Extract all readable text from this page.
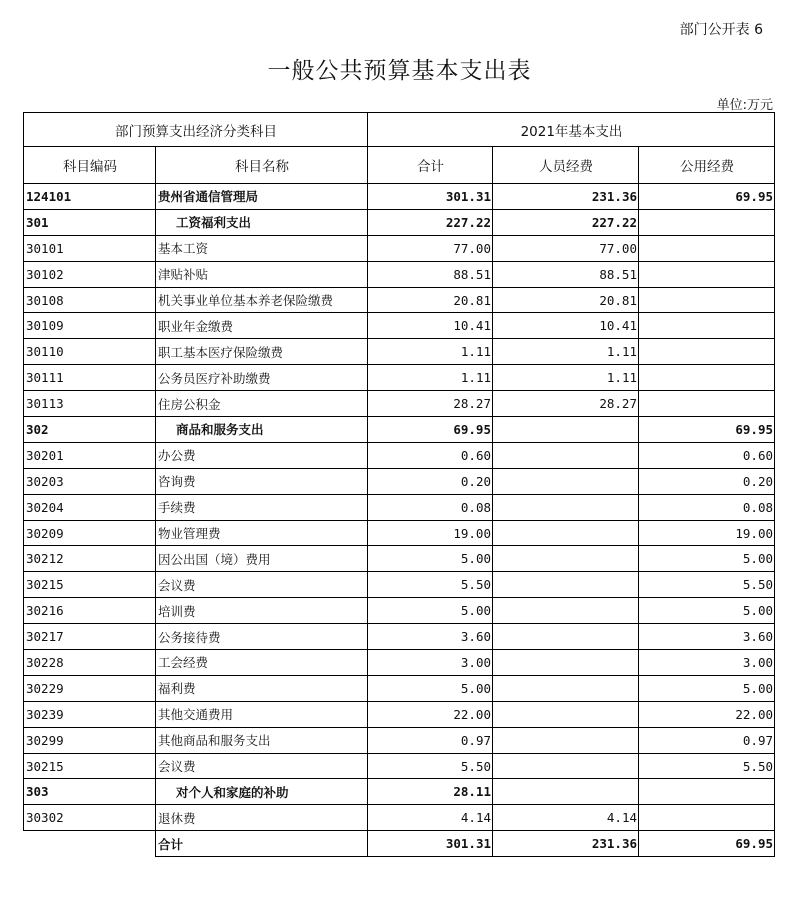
部门公开表 6
一般公共预算基本支出表
单位:万元
部门预算支出经济分类科目		2021年基本支出		
科目编码	科目名称	合计	人员经费	公用经费
124101	贵州省通信管理局	301.31	231.36	69.95
301	工资福利支出	227.22	227.22	
30101	基本工资	77.00	77.00	
30102	津贴补贴	88.51	88.51	
30108	机关事业单位基本养老保险缴费	20.81	20.81	
30109	职业年金缴费	10.41	10.41	
30110	职工基本医疗保险缴费	1.11	1.11	
30111	公务员医疗补助缴费	1.11	1.11	
30113	住房公积金	28.27	28.27	
302	商品和服务支出	69.95		69.95
30201	办公费	0.60		0.60
30203	咨询费	0.20		0.20
30204	手续费	0.08		0.08
30209	物业管理费	19.00		19.00
30212	因公出国（境）费用	5.00		5.00
30215	会议费	5.50		5.50
30216	培训费	5.00		5.00
30217	公务接待费	3.60		3.60
30228	工会经费	3.00		3.00
30229	福利费	5.00		5.00
30239	其他交通费用	22.00		22.00
30299	其他商品和服务支出	0.97		0.97
30215	会议费	5.50		5.50
303	对个人和家庭的补助	28.11		
30302	退休费	4.14	4.14	
	合计	301.31	231.36	69.95
